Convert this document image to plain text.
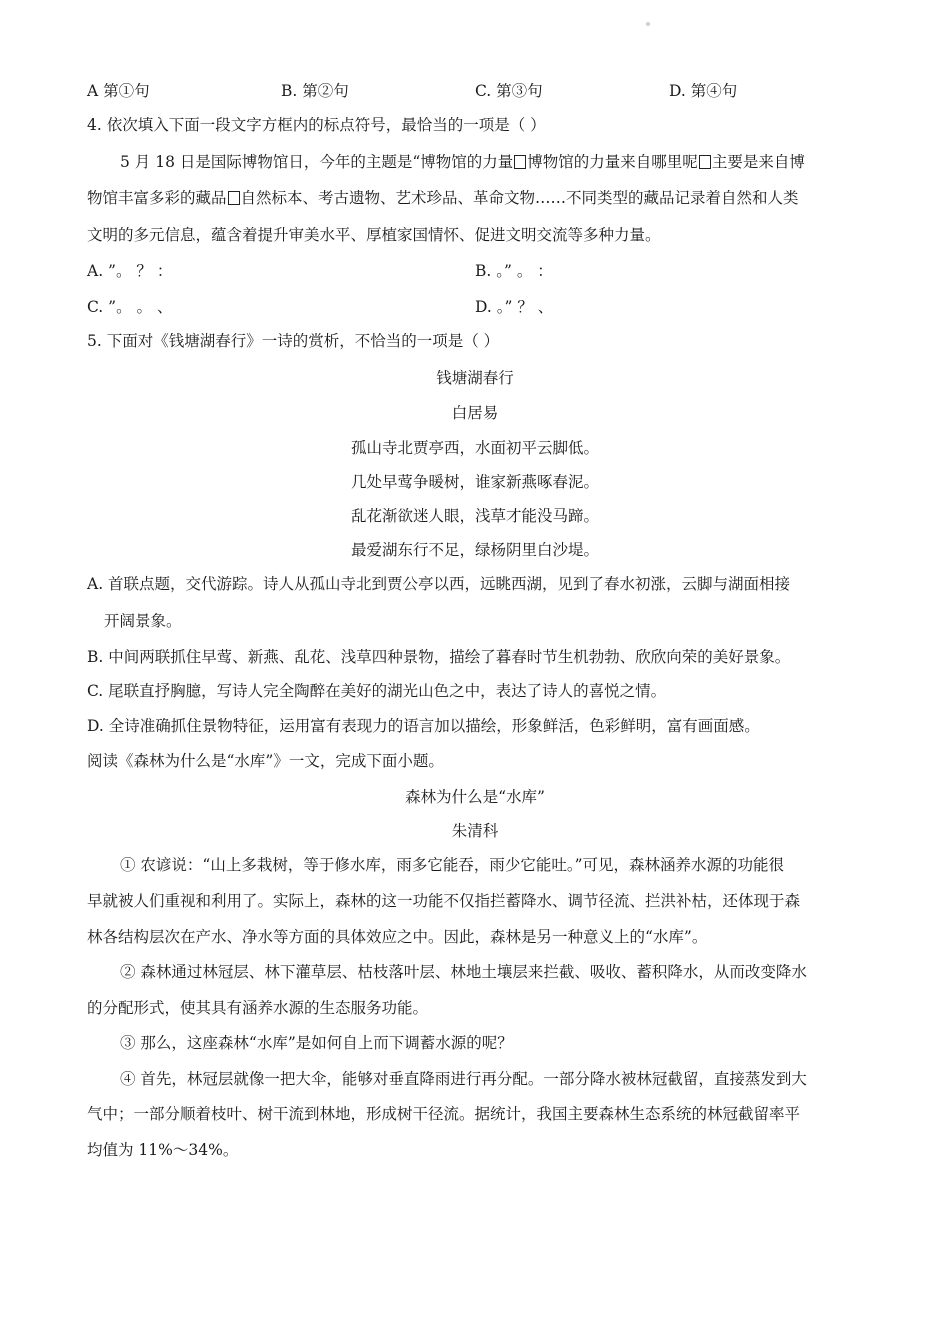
A 第①句	B. 第②句	C. 第③句	D. 第④句
4. 依次填入下面一段文字方框内的标点符号，最恰当的一项是（ ）
5 月 18 日是国际博物馆日，今年的主题是“博物馆的力量 博物馆的力量来自哪里呢 主要是来自博
物馆丰富多彩的藏品 自然标本、考古遗物、艺术珍品、革命文物……不同类型的藏品记录着自然和人类
文明的多元信息，蕴含着提升审美水平、厚植家国情怀、促进文明交流等多种力量。
A. ”。 ？ ：	B. 。” 。 ：
C. ”。 。 、	D. 。” ？ 、
5. 下面对《钱塘湖春行》一诗的赏析，不恰当的一项是（ ）
钱塘湖春行
白居易
孤山寺北贾亭西，水面初平云脚低。
几处早莺争暖树，谁家新燕啄春泥。
乱花渐欲迷人眼，浅草才能没马蹄。
最爱湖东行不足，绿杨阴里白沙堤。
A. 首联点题，交代游踪。诗人从孤山寺北到贾公亭以西，远眺西湖，见到了春水初涨，云脚与湖面相接
开阔景象。
B. 中间两联抓住早莺、新燕、乱花、浅草四种景物，描绘了暮春时节生机勃勃、欣欣向荣的美好景象。
C. 尾联直抒胸臆，写诗人完全陶醉在美好的湖光山色之中，表达了诗人的喜悦之情。
D. 全诗准确抓住景物特征，运用富有表现力的语言加以描绘，形象鲜活，色彩鲜明，富有画面感。
阅读《森林为什么是“水库”》一文，完成下面小题。
森林为什么是“水库”
朱清科
① 农谚说：“山上多栽树，等于修水库，雨多它能吞，雨少它能吐。”可见，森林涵养水源的功能很
早就被人们重视和利用了。实际上，森林的这一功能不仅指拦蓄降水、调节径流、拦洪补枯，还体现于森
林各结构层次在产水、净水等方面的具体效应之中。因此，森林是另一种意义上的“水库”。
② 森林通过林冠层、林下灌草层、枯枝落叶层、林地土壤层来拦截、吸收、蓄积降水，从而改变降水
的分配形式，使其具有涵养水源的生态服务功能。
③ 那么，这座森林“水库”是如何自上而下调蓄水源的呢？
④ 首先，林冠层就像一把大伞，能够对垂直降雨进行再分配。一部分降水被林冠截留，直接蒸发到大
气中；一部分顺着枝叶、树干流到林地，形成树干径流。据统计，我国主要森林生态系统的林冠截留率平
均值为 11%～34%。
